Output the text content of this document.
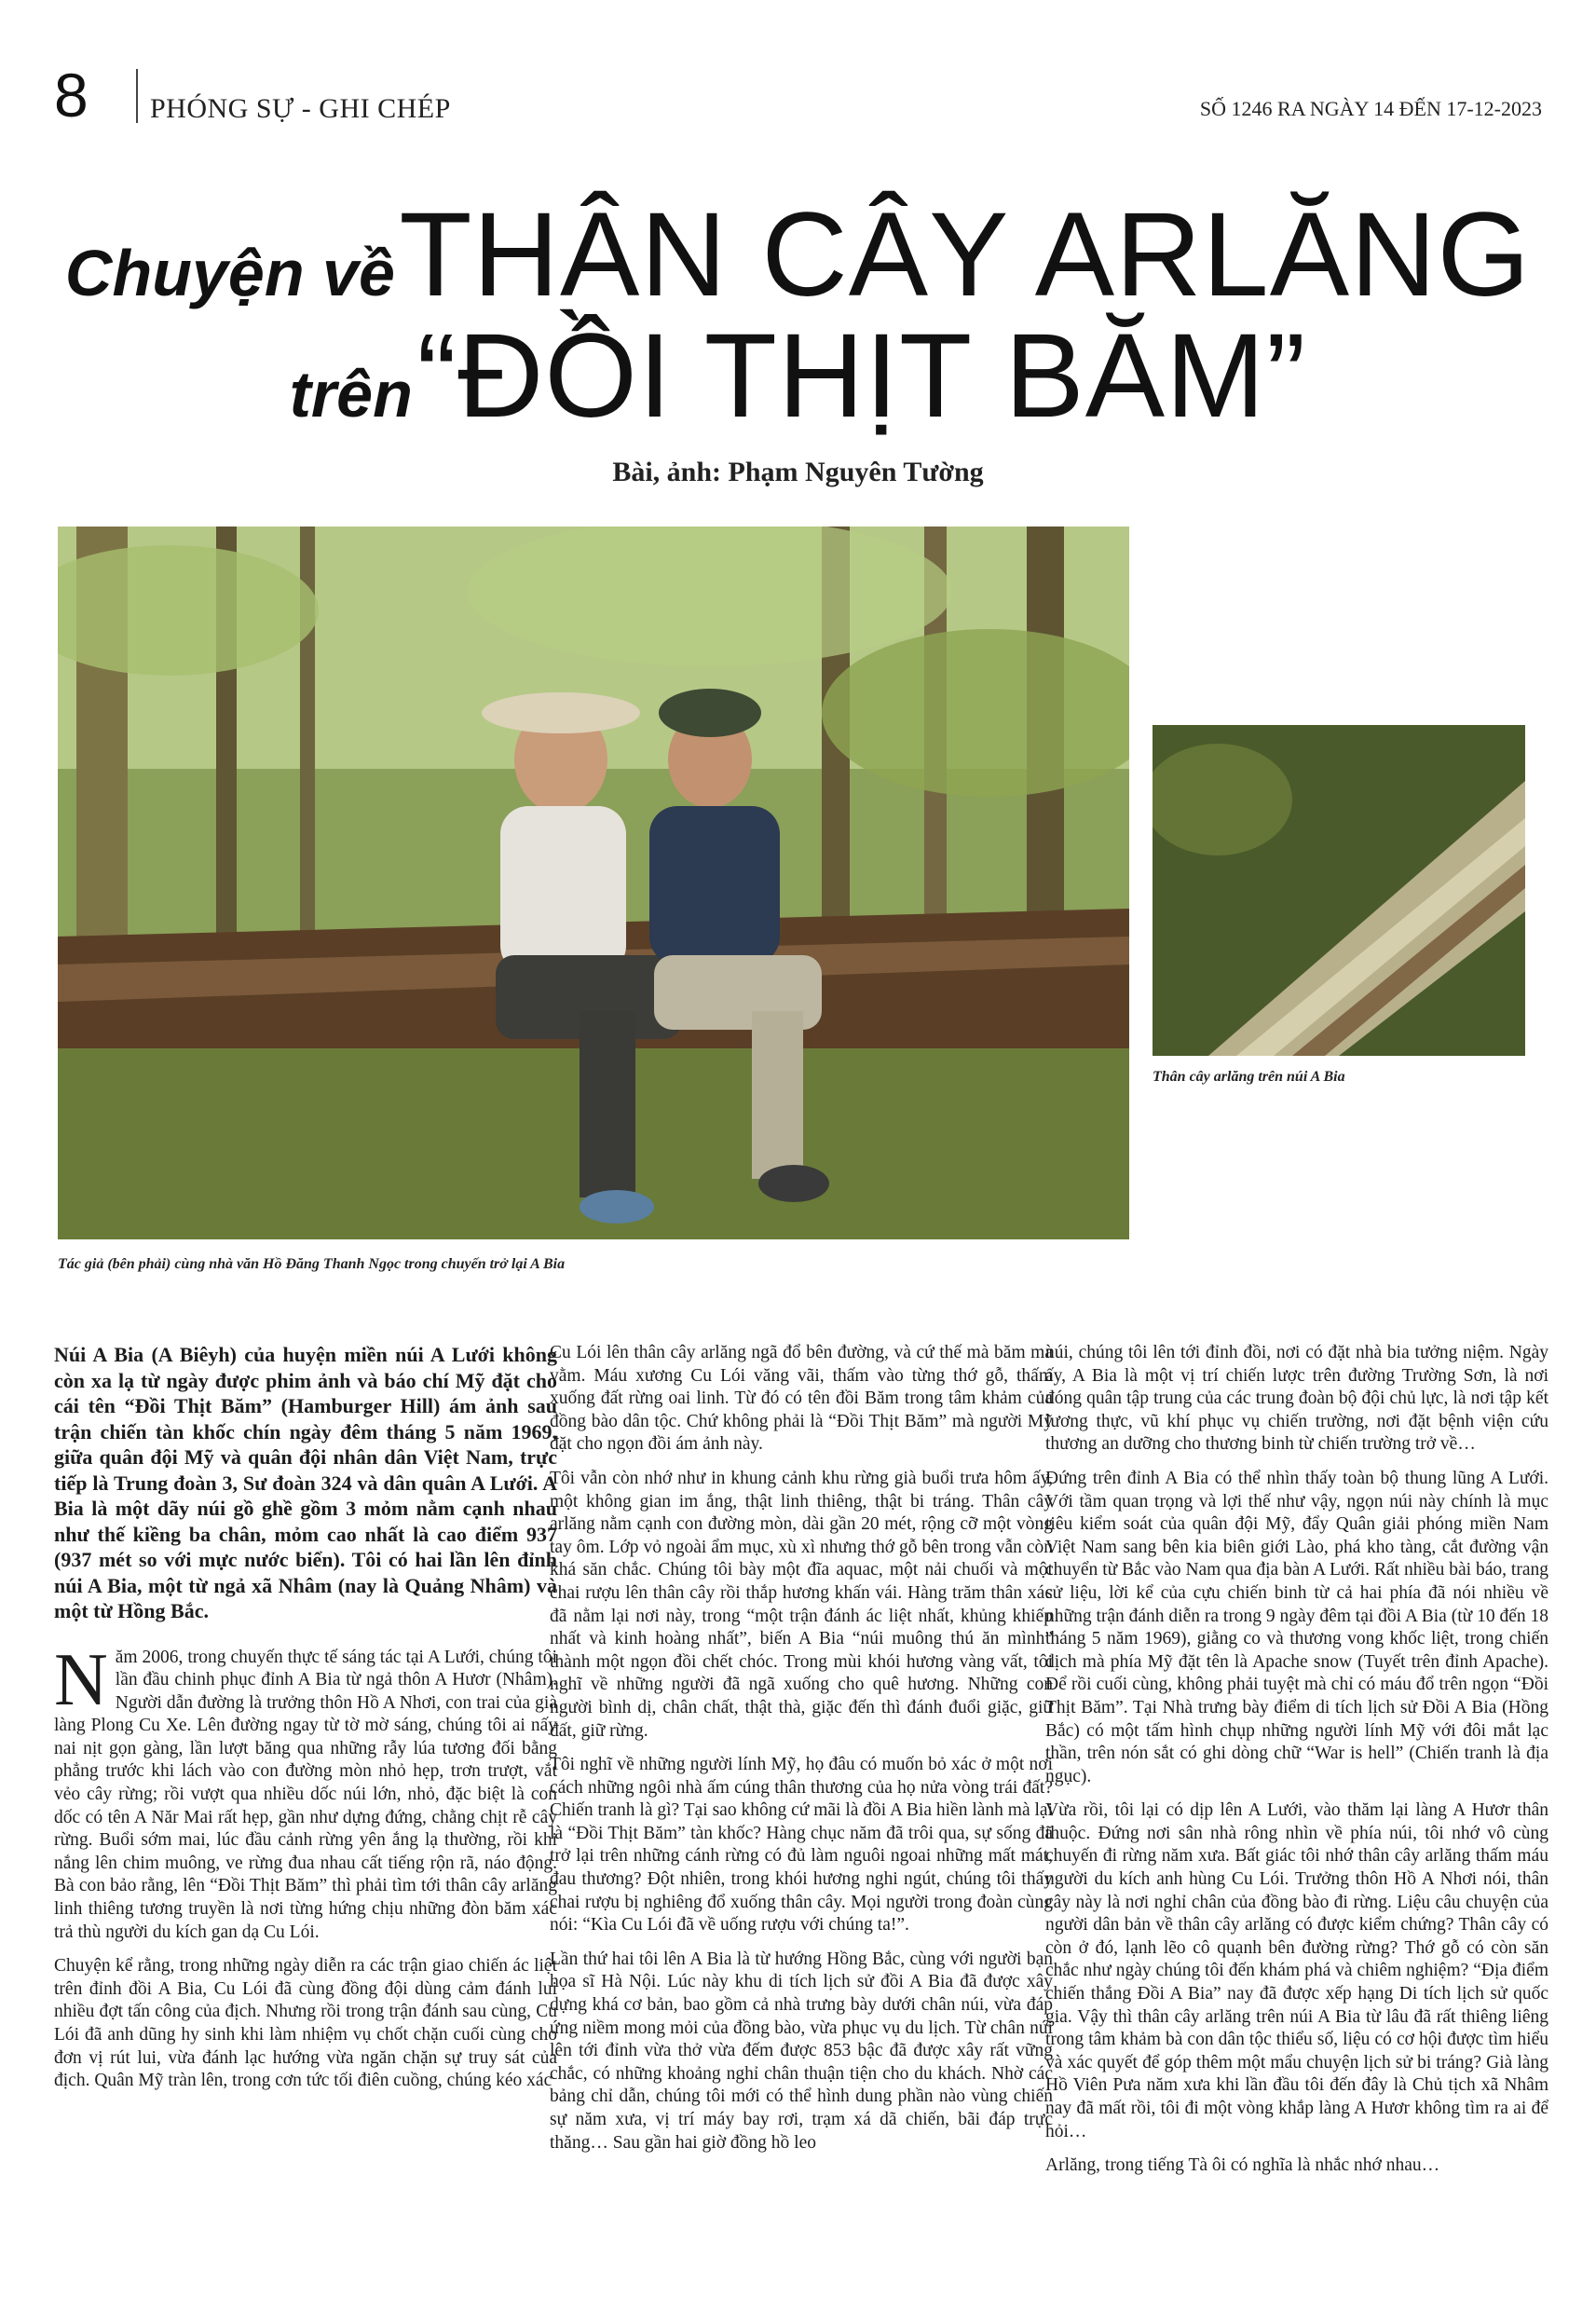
8 PHÓNG SỰ - GHI CHÉP	SỐ 1246 RA NGÀY 14 ĐẾN 17-12-2023
Chuyện về THÂN CÂY ARLĂNG
trên “ĐỒI THỊT BĂM”
Bài, ảnh: Phạm Nguyên Tường
Tác giả (bên phải) cùng nhà văn Hồ Đăng Thanh Ngọc trong chuyến trở lại A Bia
Thân cây arlăng trên núi A Bia

Núi A Bia (A Biêyh) của huyện miền núi A Lưới không còn xa lạ từ ngày được phim ảnh và báo chí Mỹ đặt cho cái tên “Đồi Thịt Băm” (Hamburger Hill) ám ảnh sau trận chiến tàn khốc chín ngày đêm tháng 5 năm 1969, giữa quân đội Mỹ và quân đội nhân dân Việt Nam, trực tiếp là Trung đoàn 3, Sư đoàn 324 và dân quân A Lưới. A Bia là một dãy núi gồ ghề gồm 3 mỏm nằm cạnh nhau như thế kiềng ba chân, mỏm cao nhất là cao điểm 937 (937 mét so với mực nước biển). Tôi có hai lần lên đỉnh núi A Bia, một từ ngả xã Nhâm (nay là Quảng Nhâm) và một từ Hồng Bắc.

Năm 2006, trong chuyến thực tế sáng tác tại A Lưới, chúng tôi lần đầu chinh phục đỉnh A Bia từ ngả thôn A Hươr (Nhâm). Người dẫn đường là trưởng thôn Hồ A Nhơi, con trai của già làng Plong Cu Xe. Lên đường ngay từ tờ mờ sáng, chúng tôi ai nấy nai nịt gọn gàng, lần lượt băng qua những rẫy lúa tương đối bằng phẳng trước khi lách vào con đường mòn nhỏ hẹp, trơn trượt, vắt vẻo cây rừng; rồi vượt qua nhiều dốc núi lớn, nhỏ, đặc biệt là con dốc có tên A Năr Mai rất hẹp, gần như dựng đứng, chằng chịt rễ cây rừng. Buổi sớm mai, lúc đầu cảnh rừng yên ắng lạ thường, rồi khi nắng lên chim muông, ve rừng đua nhau cất tiếng rộn rã, náo động. Bà con bảo rằng, lên “Đồi Thịt Băm” thì phải tìm tới thân cây arlăng linh thiêng tương truyền là nơi từng hứng chịu những đòn băm xác trả thù người du kích gan dạ Cu Lói.

Chuyện kể rằng, trong những ngày diễn ra các trận giao chiến ác liệt trên đỉnh đồi A Bia, Cu Lói đã cùng đồng đội dùng cảm đánh lui nhiều đợt tấn công của địch. Nhưng rồi trong trận đánh sau cùng, Cu Lói đã anh dũng hy sinh khi làm nhiệm vụ chốt chặn cuối cùng cho đơn vị rút lui, vừa đánh lạc hướng vừa ngăn chặn sự truy sát của địch. Quân Mỹ tràn lên, trong cơn tức tối điên cuồng, chúng kéo xác

Cu Lói lên thân cây arlăng ngã đổ bên đường, và cứ thế mà băm mà vằm. Máu xương Cu Lói văng vãi, thấm vào từng thớ gỗ, thấm xuống đất rừng oai linh. Từ đó có tên đồi Băm trong tâm khảm của đồng bào dân tộc. Chứ không phải là “Đồi Thịt Băm” mà người Mỹ đặt cho ngọn đồi ám ảnh này.

Tôi vẫn còn nhớ như in khung cảnh khu rừng già buổi trưa hôm ấy, một không gian im ắng, thật linh thiêng, thật bi tráng. Thân cây arlăng nằm cạnh con đường mòn, dài gần 20 mét, rộng cỡ một vòng tay ôm. Lớp vỏ ngoài ẩm mục, xù xì nhưng thớ gỗ bên trong vẫn còn khá săn chắc. Chúng tôi bày một đĩa aquac, một nải chuối và một chai rượu lên thân cây rồi thắp hương khấn vái. Hàng trăm thân xác đã nằm lại nơi này, trong “một trận đánh ác liệt nhất, khủng khiếp nhất và kinh hoàng nhất”, biến A Bia “núi muông thú ăn mình” thành một ngọn đồi chết chóc. Trong mùi khói hương vàng vất, tôi nghĩ về những người đã ngã xuống cho quê hương. Những con người bình dị, chân chất, thật thà, giặc đến thì đánh đuổi giặc, giữ đất, giữ rừng.

Tôi nghĩ về những người lính Mỹ, họ đâu có muốn bỏ xác ở một nơi cách những ngôi nhà ấm cúng thân thương của họ nửa vòng trái đất? Chiến tranh là gì? Tại sao không cứ mãi là đồi A Bia hiền lành mà lại là “Đồi Thịt Băm” tàn khốc? Hàng chục năm đã trôi qua, sự sống đã trở lại trên những cánh rừng có đủ làm nguôi ngoai những mất mát, đau thương? Đột nhiên, trong khói hương nghi ngút, chúng tôi thấy chai rượu bị nghiêng đổ xuống thân cây. Mọi người trong đoàn cùng nói: “Kìa Cu Lói đã về uống rượu với chúng ta!”.

Lần thứ hai tôi lên A Bia là từ hướng Hồng Bắc, cùng với người bạn họa sĩ Hà Nội. Lúc này khu di tích lịch sử đồi A Bia đã được xây dựng khá cơ bản, bao gồm cả nhà trưng bày dưới chân núi, vừa đáp ứng niềm mong mỏi của đồng bào, vừa phục vụ du lịch. Từ chân núi lên tới đỉnh vừa thở vừa đếm được 853 bậc đã được xây rất vững chắc, có những khoảng nghỉ chân thuận tiện cho du khách. Nhờ các bảng chỉ dẫn, chúng tôi mới có thể hình dung phần nào vùng chiến sự năm xưa, vị trí máy bay rơi, trạm xá dã chiến, bãi đáp trực thăng… Sau gần hai giờ đồng hồ leo

núi, chúng tôi lên tới đỉnh đồi, nơi có đặt nhà bia tưởng niệm. Ngày ấy, A Bia là một vị trí chiến lược trên đường Trường Sơn, là nơi đóng quân tập trung của các trung đoàn bộ đội chủ lực, là nơi tập kết lương thực, vũ khí phục vụ chiến trường, nơi đặt bệnh viện cứu thương an dưỡng cho thương binh từ chiến trường trở về…

Đứng trên đỉnh A Bia có thể nhìn thấy toàn bộ thung lũng A Lưới. Với tầm quan trọng và lợi thế như vậy, ngọn núi này chính là mục tiêu kiểm soát của quân đội Mỹ, đẩy Quân giải phóng miền Nam Việt Nam sang bên kia biên giới Lào, phá kho tàng, cắt đường vận chuyển từ Bắc vào Nam qua địa bàn A Lưới. Rất nhiều bài báo, trang sử liệu, lời kể của cựu chiến binh từ cả hai phía đã nói nhiều về những trận đánh diễn ra trong 9 ngày đêm tại đồi A Bia (từ 10 đến 18 tháng 5 năm 1969), giằng co và thương vong khốc liệt, trong chiến dịch mà phía Mỹ đặt tên là Apache snow (Tuyết trên đỉnh Apache). Để rồi cuối cùng, không phải tuyệt mà chỉ có máu đổ trên ngọn “Đồi Thịt Băm”. Tại Nhà trưng bày điểm di tích lịch sử Đồi A Bia (Hồng Bắc) có một tấm hình chụp những người lính Mỹ với đôi mắt lạc thần, trên nón sắt có ghi dòng chữ “War is hell” (Chiến tranh là địa ngục).

Vừa rồi, tôi lại có dịp lên A Lưới, vào thăm lại làng A Hươr thân thuộc. Đứng nơi sân nhà rông nhìn về phía núi, tôi nhớ vô cùng chuyến đi rừng năm xưa. Bất giác tôi nhớ thân cây arlăng thấm máu người du kích anh hùng Cu Lói. Trưởng thôn Hồ A Nhơi nói, thân cây này là nơi nghỉ chân của đồng bào đi rừng. Liệu câu chuyện của người dân bản về thân cây arlăng có được kiểm chứng? Thân cây có còn ở đó, lạnh lẽo cô quạnh bên đường rừng? Thớ gỗ có còn săn chắc như ngày chúng tôi đến khám phá và chiêm nghiệm? “Địa điểm chiến thắng Đồi A Bia” nay đã được xếp hạng Di tích lịch sử quốc gia. Vậy thì thân cây arlăng trên núi A Bia từ lâu đã rất thiêng liêng trong tâm khảm bà con dân tộc thiểu số, liệu có cơ hội được tìm hiểu và xác quyết để góp thêm một mẩu chuyện lịch sử bi tráng? Già làng Hồ Viên Pưa năm xưa khi lần đầu tôi đến đây là Chủ tịch xã Nhâm nay đã mất rồi, tôi đi một vòng khắp làng A Hươr không tìm ra ai để hỏi…

Arlăng, trong tiếng Tà ôi có nghĩa là nhắc nhớ nhau…
